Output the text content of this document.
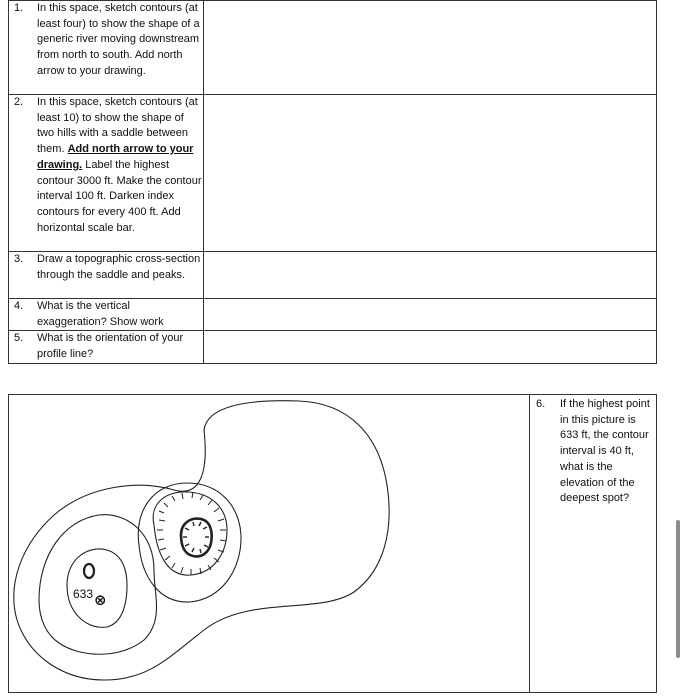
1. In this space, sketch contours (at least four) to show the shape of a generic river moving downstream from north to south. Add north arrow to your drawing.
2. In this space, sketch contours (at least 10) to show the shape of two hills with a saddle between them. Add north arrow to your drawing. Label the highest contour 3000 ft. Make the contour interval 100 ft. Darken index contours for every 400 ft. Add horizontal scale bar.
3. Draw a topographic cross-section through the saddle and peaks.
4. What is the vertical exaggeration? Show work
5. What is the orientation of your profile line?
633 ⊗
6. If the highest point in this picture is 633 ft, the contour interval is 40 ft, what is the elevation of the deepest spot?
